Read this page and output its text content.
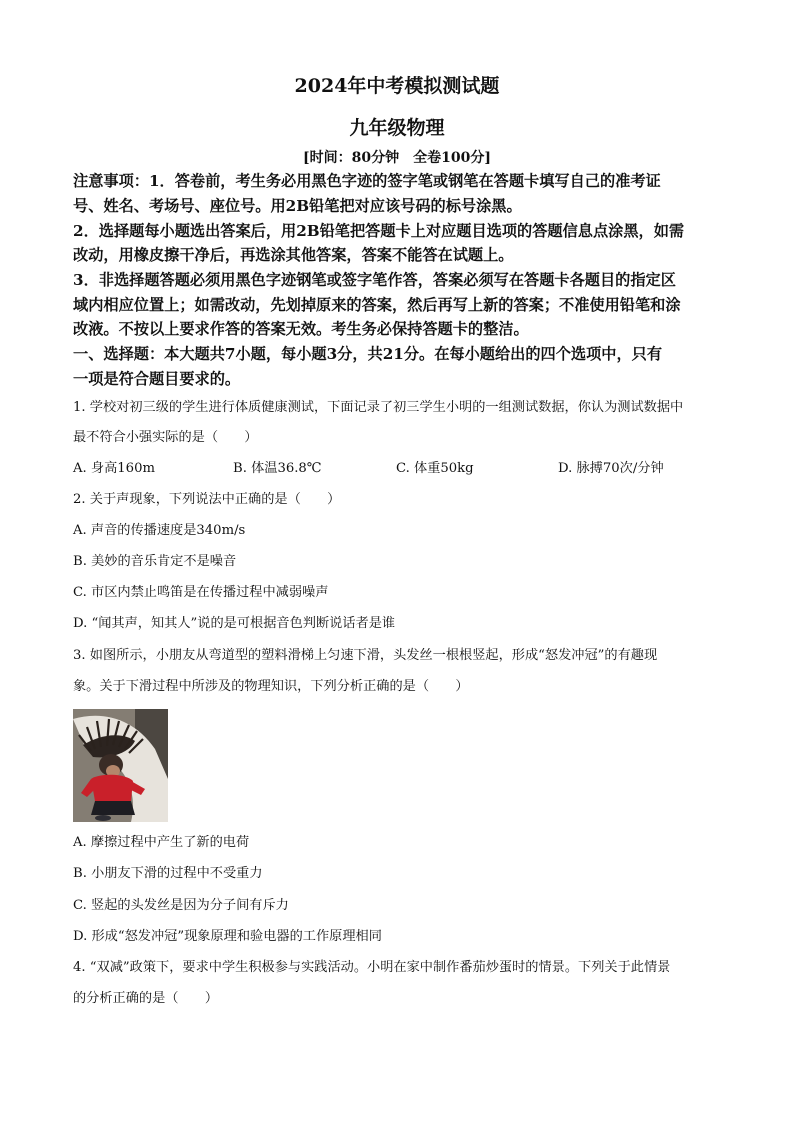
2024年中考模拟测试题
九年级物理
[时间：80分钟　全卷100分]
注意事项：1．答卷前，考生务必用黑色字迹的签字笔或钢笔在答题卡填写自己的准考证
号、姓名、考场号、座位号。用2B铅笔把对应该号码的标号涂黑。
2．选择题每小题选出答案后，用2B铅笔把答题卡上对应题目选项的答题信息点涂黑，如需
改动，用橡皮擦干净后，再选涂其他答案，答案不能答在试题上。
3．非选择题答题必须用黑色字迹钢笔或签字笔作答，答案必须写在答题卡各题目的指定区
域内相应位置上；如需改动，先划掉原来的答案，然后再写上新的答案；不准使用铅笔和涂
改液。不按以上要求作答的答案无效。考生务必保持答题卡的整洁。
一、选择题：本大题共7小题，每小题3分，共21分。在每小题给出的四个选项中，只有
一项是符合题目要求的。
1. 学校对初三级的学生进行体质健康测试，下面记录了初三学生小明的一组测试数据，你认为测试数据中
最不符合小强实际的是（　　）
A. 身高160m	B. 体温36.8℃	C. 体重50kg	D. 脉搏70次/分钟
2. 关于声现象，下列说法中正确的是（　　）
A. 声音的传播速度是340m/s
B. 美妙的音乐肯定不是噪音
C. 市区内禁止鸣笛是在传播过程中减弱噪声
D. “闻其声，知其人”说的是可根据音色判断说话者是谁
3. 如图所示，小朋友从弯道型的塑料滑梯上匀速下滑，头发丝一根根竖起，形成“怒发冲冠”的有趣现
象。关于下滑过程中所涉及的物理知识，下列分析正确的是（　　）
A. 摩擦过程中产生了新的电荷
B. 小朋友下滑的过程中不受重力
C. 竖起的头发丝是因为分子间有斥力
D. 形成“怒发冲冠”现象原理和验电器的工作原理相同
4. “双减”政策下，要求中学生积极参与实践活动。小明在家中制作番茄炒蛋时的情景。下列关于此情景
的分析正确的是（　　）
